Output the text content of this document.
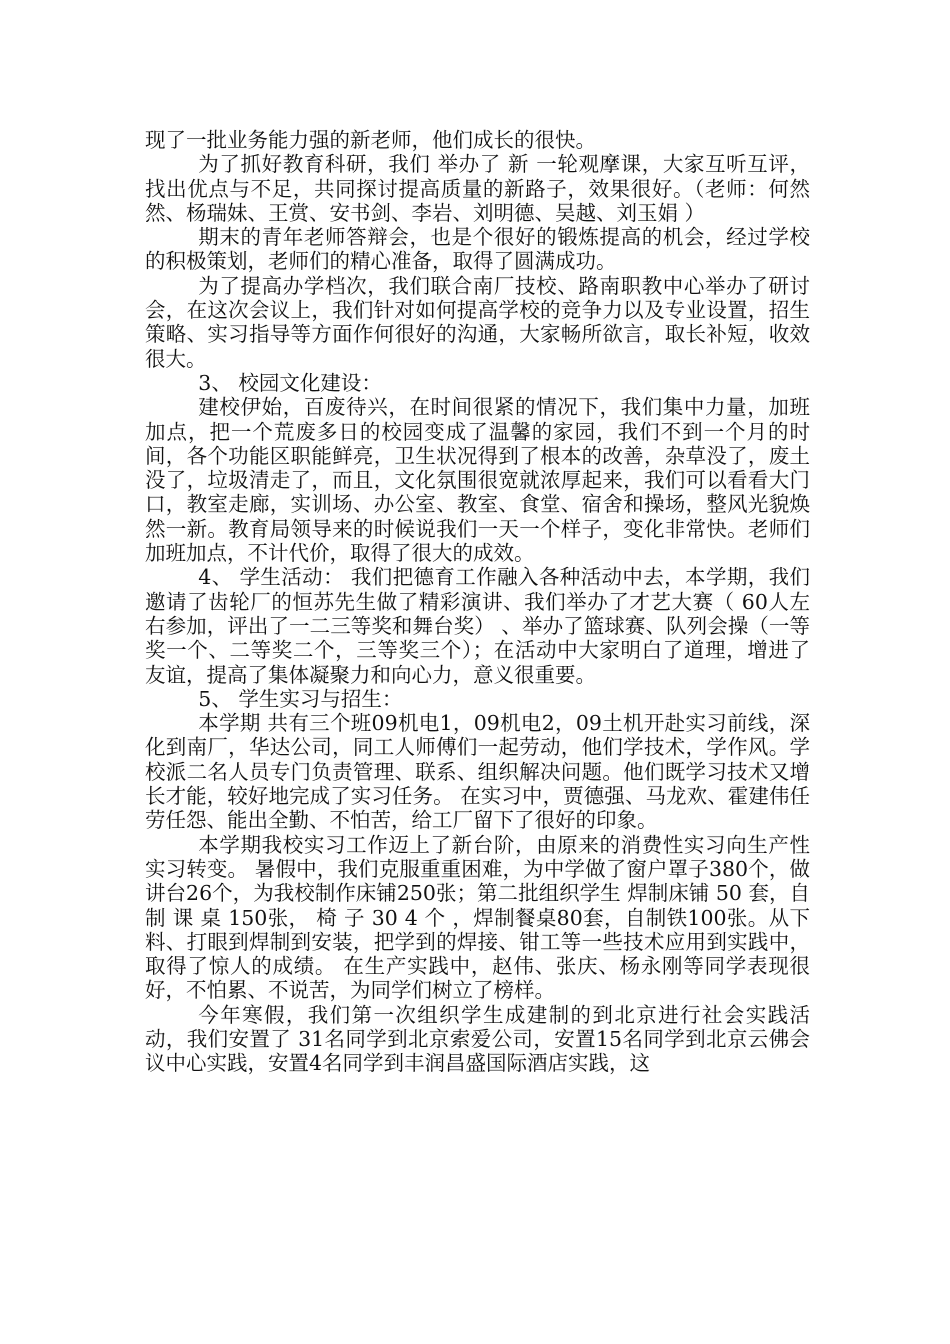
现了一批业务能力强的新老师，他们成长的很快。

为了抓好教育科研，我们 举办了 新 一轮观摩课，大家互听互评，找出优点与不足，共同探讨提高质量的新路子，效果很好。（老师：何然然、杨瑞妹、王赏、安书剑、李岩、刘明德、吴越、刘玉娟 ）

期末的青年老师答辩会，也是个很好的锻炼提高的机会，经过学校的积极策划，老师们的精心准备，取得了圆满成功。

为了提高办学档次，我们联合南厂技校、路南职教中心举办了研讨会，在这次会议上，我们针对如何提高学校的竞争力以及专业设置，招生策略、实习指导等方面作何很好的沟通，大家畅所欲言，取长补短，收效很大。

3、 校园文化建设：

建校伊始，百废待兴，在时间很紧的情况下，我们集中力量，加班加点，把一个荒废多日的校园变成了温馨的家园，我们不到一个月的时间，各个功能区职能鲜亮，卫生状况得到了根本的改善，杂草没了，废土没了，垃圾清走了，而且，文化氛围很宽就浓厚起来，我们可以看看大门口，教室走廊，实训场、办公室、教室、食堂、宿舍和操场，整风光貌焕然一新。教育局领导来的时候说我们一天一个样子，变化非常快。老师们加班加点，不计代价，取得了很大的成效。

4、 学生活动： 我们把德育工作融入各种活动中去，本学期，我们邀请了齿轮厂的恒苏先生做了精彩演讲、我们举办了才艺大赛（ 60人左右参加，评出了一二三等奖和舞台奖） 、举办了篮球赛、队列会操（一等奖一个、二等奖二个，三等奖三个）；在活动中大家明白了道理，增进了友谊，提高了集体凝聚力和向心力，意义很重要。

5、 学生实习与招生：

本学期 共有三个班09机电1，09机电2，09土机开赴实习前线，深化到南厂，华达公司，同工人师傅们一起劳动，他们学技术，学作风。学校派二名人员专门负责管理、联系、组织解决问题。他们既学习技术又增长才能，较好地完成了实习任务。 在实习中，贾德强、马龙欢、霍建伟任劳任怨、能出全勤、不怕苦，给工厂留下了很好的印象。

本学期我校实习工作迈上了新台阶，由原来的消费性实习向生产性实习转变。 暑假中，我们克服重重困难，为中学做了窗户罩子380个，做讲台26个，为我校制作床铺250张；第二批组织学生 焊制床铺 50 套，自制 课 桌 150张， 椅 子 30 4 个 ，焊制餐桌80套，自制铁100张。从下料、打眼到焊制到安装，把学到的焊接、钳工等一些技术应用到实践中，取得了惊人的成绩。 在生产实践中，赵伟、张庆、杨永刚等同学表现很好，不怕累、不说苦，为同学们树立了榜样。

今年寒假，我们第一次组织学生成建制的到北京进行社会实践活动，我们安置了 31名同学到北京索爱公司，安置15名同学到北京云佛会议中心实践，安置4名同学到丰润昌盛国际酒店实践，这
